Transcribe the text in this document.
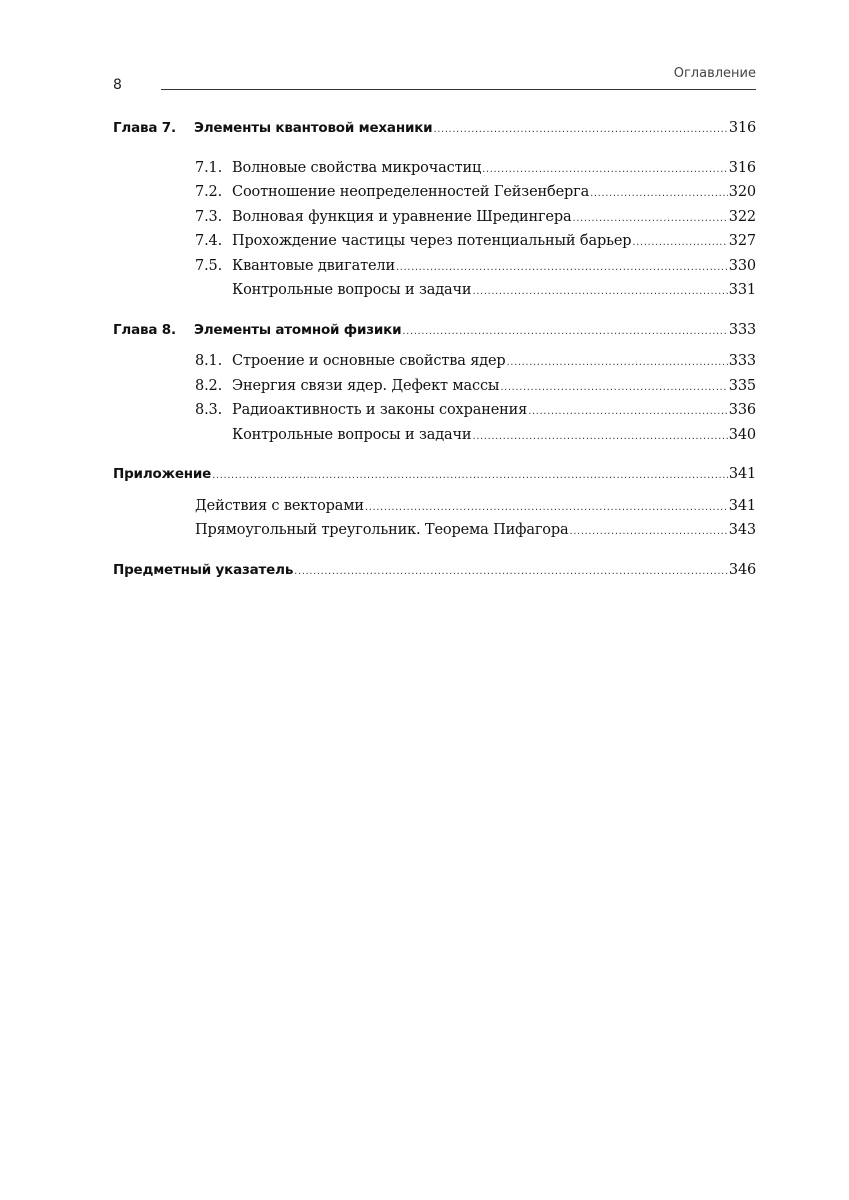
8
Оглавление
Глава 7.	Элементы квантовой механики .....	316
7.1. Волновые свойства микрочастиц .....	316
7.2. Соотношение неопределенностей Гейзенберга .....	320
7.3. Волновая функция и уравнение Шредингера .....	322
7.4. Прохождение частицы через потенциальный барьер .....	327
7.5. Квантовые двигатели .....	330
Контрольные вопросы и задачи .....	331
Глава 8.	Элементы атомной физики .....	333
8.1. Строение и основные свойства ядер .....	333
8.2. Энергия связи ядер. Дефект массы .....	335
8.3. Радиоактивность и законы сохранения .....	336
Контрольные вопросы и задачи .....	340
Приложение .....	341
Действия с векторами .....	341
Прямоугольный треугольник. Теорема Пифагора .....	343
Предметный указатель .....	346
